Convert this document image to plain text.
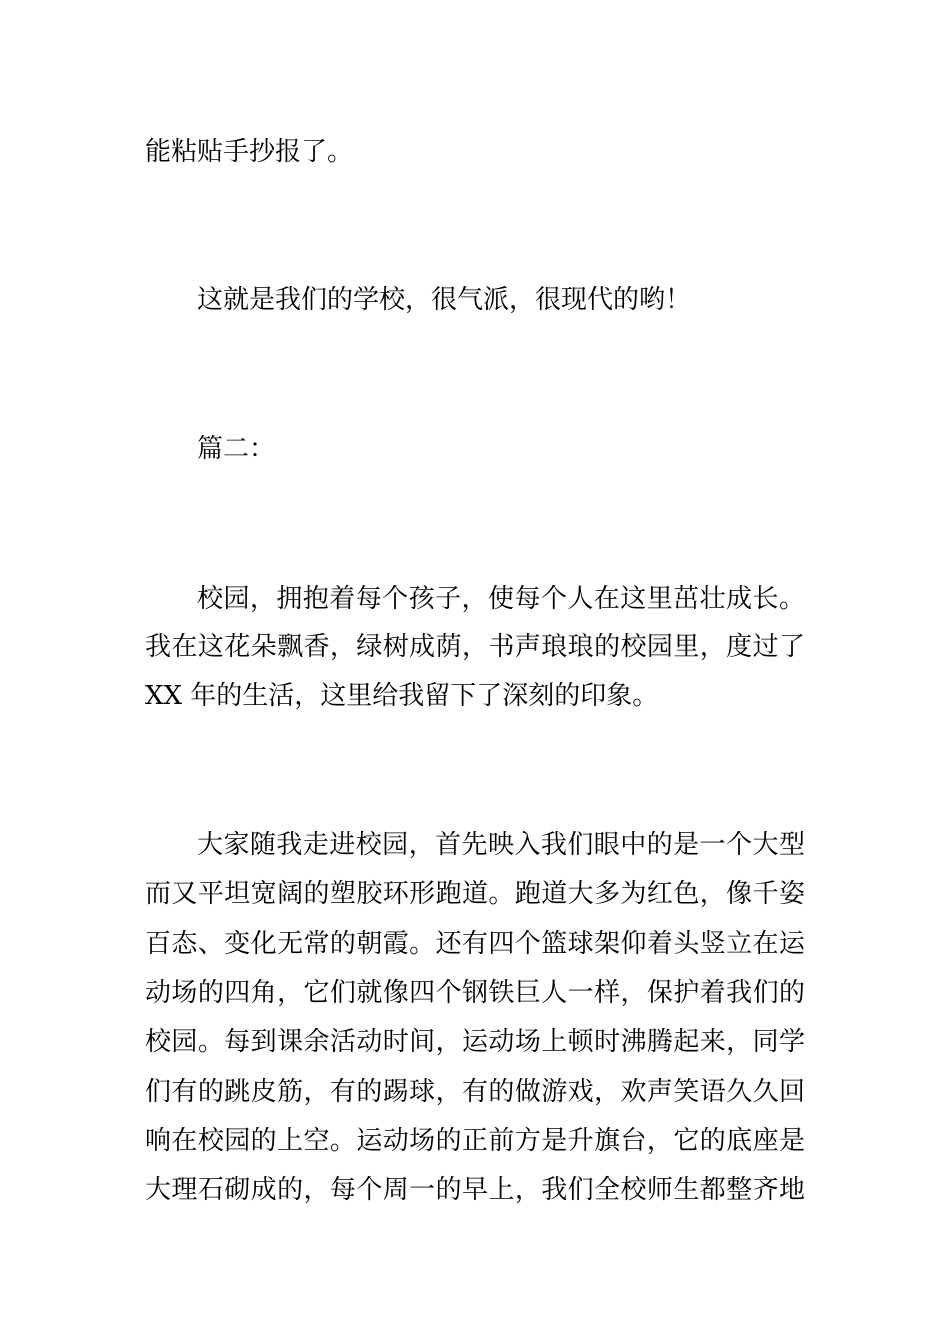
能粘贴手抄报了。
这就是我们的学校，很气派，很现代的哟！
篇二：
校园，拥抱着每个孩子，使每个人在这里茁壮成长。
我在这花朵飘香，绿树成荫，书声琅琅的校园里，度过了
XX 年的生活，这里给我留下了深刻的印象。
大家随我走进校园，首先映入我们眼中的是一个大型
而又平坦宽阔的塑胶环形跑道。跑道大多为红色，像千姿
百态、变化无常的朝霞。还有四个篮球架仰着头竖立在运
动场的四角，它们就像四个钢铁巨人一样，保护着我们的
校园。每到课余活动时间，运动场上顿时沸腾起来，同学
们有的跳皮筋，有的踢球，有的做游戏，欢声笑语久久回
响在校园的上空。运动场的正前方是升旗台，它的底座是
大理石砌成的，每个周一的早上，我们全校师生都整齐地
